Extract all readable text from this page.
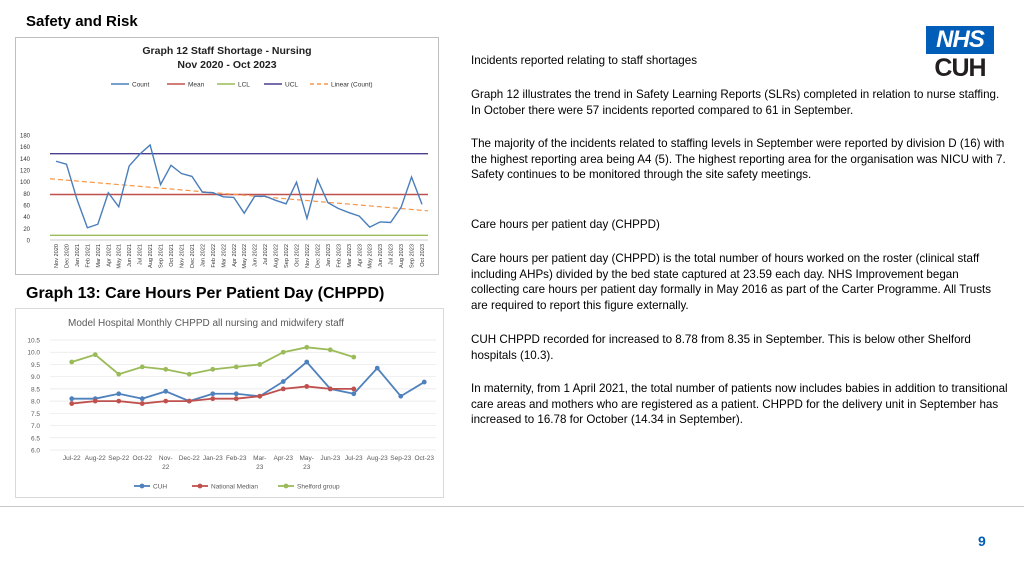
Safety and Risk
Graph 12 Staff Shortage - Nursing
Nov 2020 - Oct 2023
Count	Mean	LCL	UCL	Linear (Count)
0
20
40
60
80
100
120
140
160
180
Nov 2020 Dec 2020 Jan 2021 Feb 2021 Mar 2021 Apr 2021 May 2021 Jun 2021 Jul 2021 Aug 2021 Sep 2021 Oct 2021 Nov 2021 Dec 2021 Jan 2022 Feb 2022 Mar 2022 Apr 2022 May 2022 Jun 2022 Jul 2022 Aug 2022 Sep 2022 Oct 2022 Nov 2022 Dec 2022 Jan 2023 Feb 2023 Mar 2023 Apr 2023 May 2023 Jun 2023 Jul 2023 Aug 2023 Sep 2023 Oct 2023
Graph 13: Care Hours Per Patient Day (CHPPD)
Model Hospital Monthly CHPPD all nursing and midwifery staff
10.5
10.0
9.5
9.0
8.5
8.0
7.5
7.0
6.5
6.0
Jul-22 Aug-22 Sep-22 Oct-22 Nov-
22
Dec-22 Jan-23 Feb-23 Mar-
23
Apr-23 May-
23
Jun-23 Jul-23 Aug-23 Sep-23 Oct-23
CUH	National Median	Shelford group
NHS
CUH
Incidents reported relating to staff shortages
Graph 12 illustrates the trend in Safety Learning Reports (SLRs) completed in relation to nurse staffing. In October there were 57 incidents reported compared to 61 in September.
The majority of the incidents related to staffing levels in September were reported by division D (16) with the highest reporting area being A4 (5). The highest reporting area for the organisation was NICU with 7. Safety continues to be monitored through the site safety meetings.
Care hours per patient day (CHPPD)
Care hours per patient day (CHPPD) is the total number of hours worked on the roster (clinical staff including AHPs) divided by the bed state captured at 23.59 each day. NHS Improvement began collecting care hours per patient day formally in May 2016 as part of the Carter Programme. All Trusts are required to report this figure externally.
CUH CHPPD recorded for increased to 8.78 from 8.35 in September. This is below other Shelford hospitals (10.3).
In maternity, from 1 April 2021, the total number of patients now includes babies in addition to transitional care areas and mothers who are registered as a patient. CHPPD for the delivery unit in September has increased to 16.78 for October (14.34 in September).
9
